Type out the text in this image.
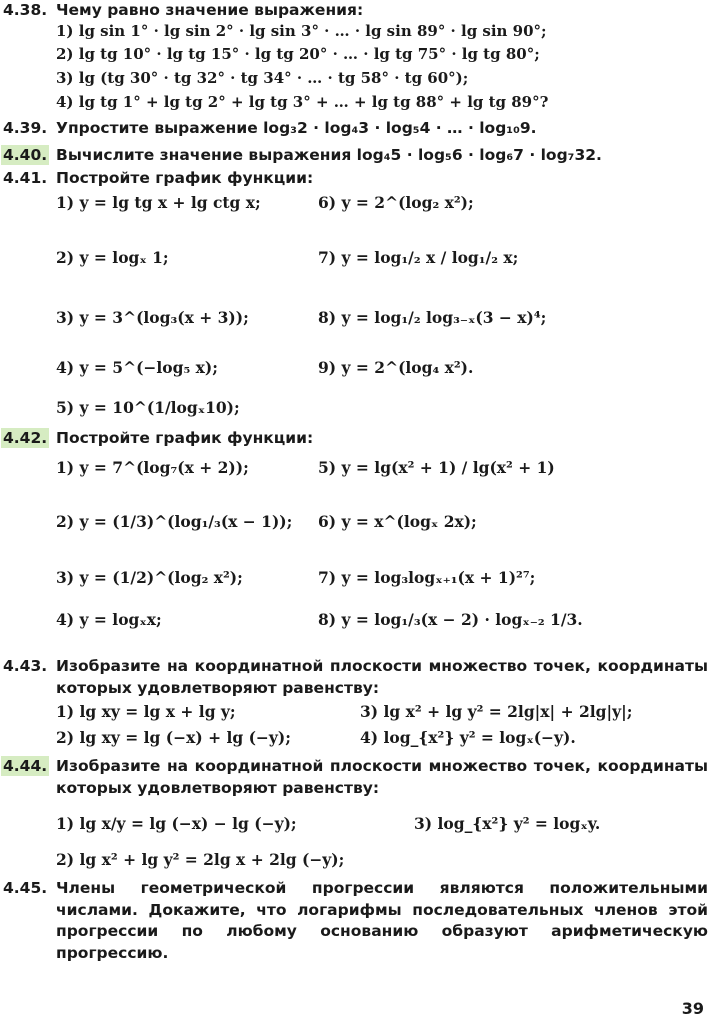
4.38. Чему равно значение выражения:
1) lg sin 1° · lg sin 2° · lg sin 3° · … · lg sin 89° · lg sin 90°;
2) lg tg 10° · lg tg 15° · lg tg 20° · … · lg tg 75° · lg tg 80°;
3) lg (tg 30° · tg 32° · tg 34° · … · tg 58° · tg 60°);
4) lg tg 1° + lg tg 2° + lg tg 3° + … + lg tg 88° + lg tg 89°?
4.39. Упростите выражение log₃2 · log₄3 · log₅4 · … · log₁₀9.
4.40. Вычислите значение выражения log₄5 · log₅6 · log₆7 · log₇32.
4.41. Постройте график функции:
1) y = lg tg x + lg ctg x;
2) y = logₓ 1;
3) y = 3^(log₃(x + 3));
4) y = 5^(−log₅ x);
5) y = 10^(1/logₓ10);
6) y = 2^(log₂ x²);
7) y = log₁/₂ x / log₁/₂ x;
8) y = log₁/₂ log₃₋ₓ(3 − x)⁴;
9) y = 2^(log₄ x²).
4.42. Постройте график функции:
1) y = 7^(log₇(x + 2));
2) y = (1/3)^(log₁/₃(x − 1));
3) y = (1/2)^(log₂ x²);
4) y = logₓx;
5) y = lg(x² + 1) / lg(x² + 1)
6) y = x^(logₓ 2x);
7) y = log₃logₓ₊₁(x + 1)²⁷;
8) y = log₁/₃(x − 2) · logₓ₋₂ 1/3.
4.43. Изобразите на координатной плоскости множество точек, координаты которых удовлетворяют равенству:
1) lg xy = lg x + lg y;
2) lg xy = lg (−x) + lg (−y);
3) lg x² + lg y² = 2lg|x| + 2lg|y|;
4) log_{x²} y² = logₓ(−y).
4.44. Изобразите на координатной плоскости множество точек, координаты которых удовлетворяют равенству:
1) lg x/y = lg (−x) − lg (−y);
2) lg x² + lg y² = 2lg x + 2lg (−y);
3) log_{x²} y² = logₓy.
4.45. Члены геометрической прогрессии являются положительными числами. Докажите, что логарифмы последовательных членов этой прогрессии по любому основанию образуют арифметическую прогрессию.
39
